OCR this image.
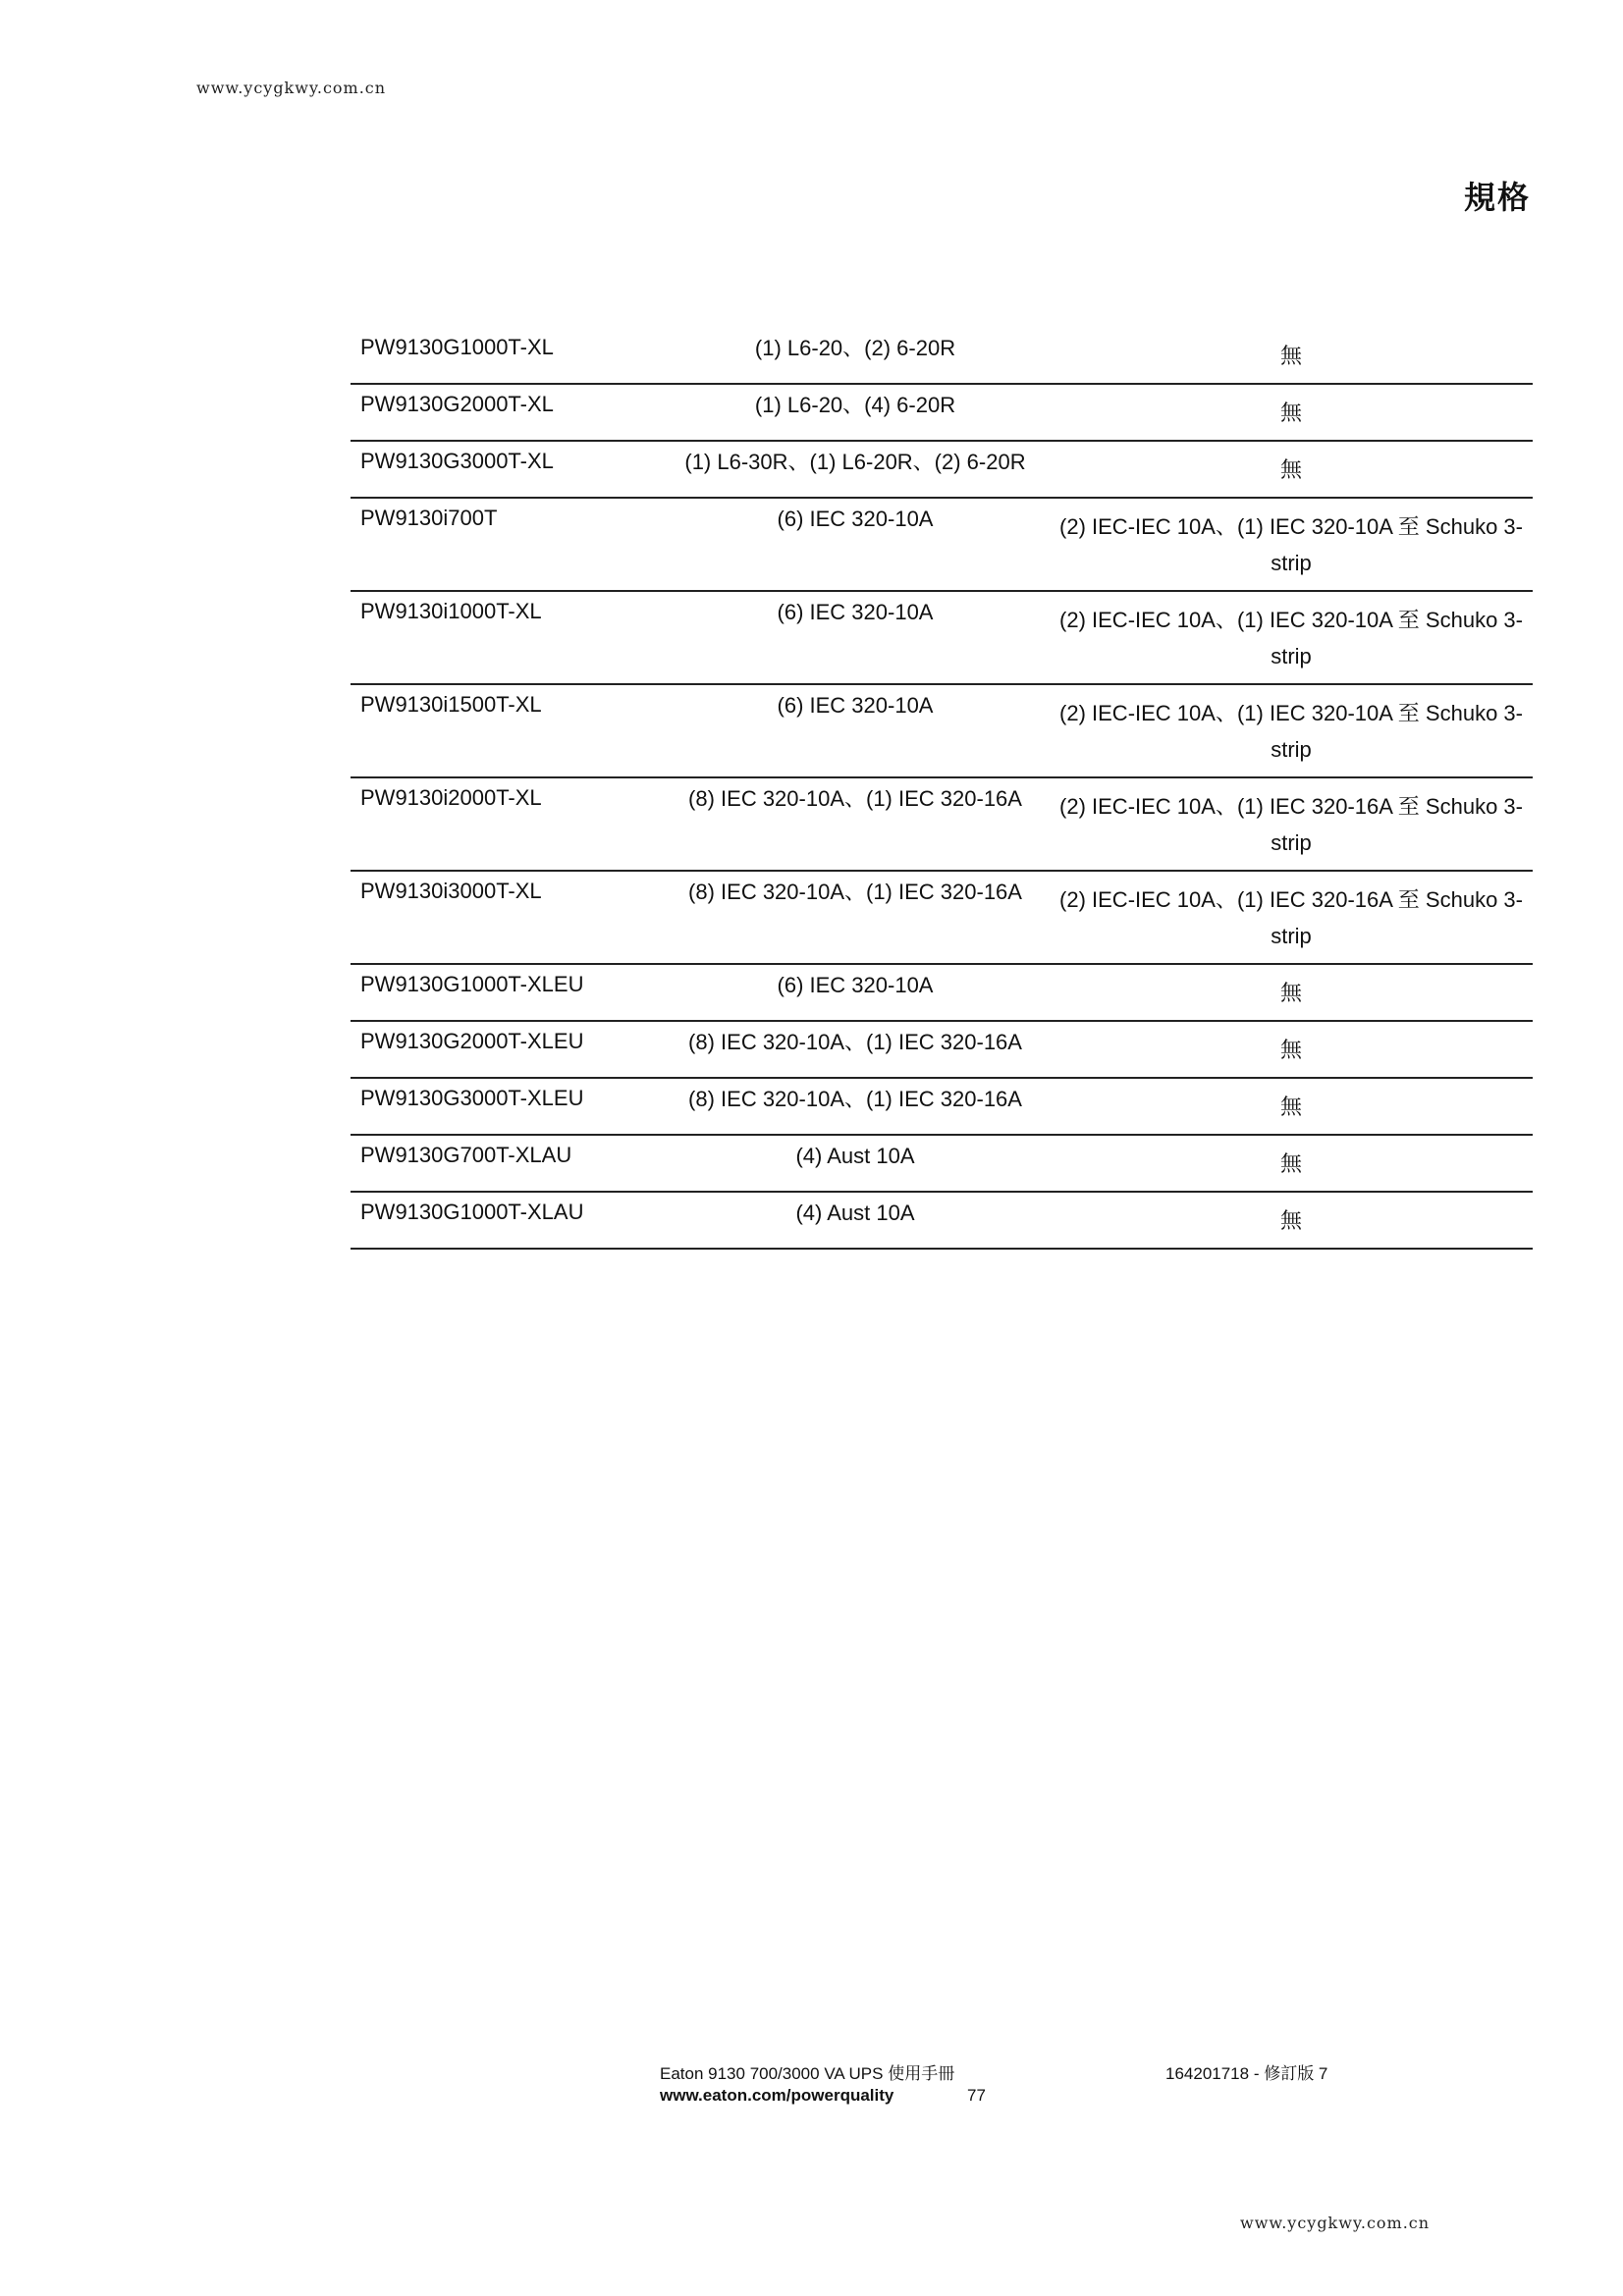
www.ycygkwy.com.cn
規格
PW9130G1000T-XL	(1) L6-20、(2) 6-20R	無
PW9130G2000T-XL	(1) L6-20、(4) 6-20R	無
PW9130G3000T-XL	(1) L6-30R、(1) L6-20R、(2) 6-20R	無
PW9130i700T	(6) IEC 320-10A	(2) IEC-IEC 10A、(1) IEC 320-10A 至 Schuko 3-strip
PW9130i1000T-XL	(6) IEC 320-10A	(2) IEC-IEC 10A、(1) IEC 320-10A 至 Schuko 3-strip
PW9130i1500T-XL	(6) IEC 320-10A	(2) IEC-IEC 10A、(1) IEC 320-10A 至 Schuko 3-strip
PW9130i2000T-XL	(8) IEC 320-10A、(1) IEC 320-16A	(2) IEC-IEC 10A、(1) IEC 320-16A 至 Schuko 3-strip
PW9130i3000T-XL	(8) IEC 320-10A、(1) IEC 320-16A	(2) IEC-IEC 10A、(1) IEC 320-16A 至 Schuko 3-strip
PW9130G1000T-XLEU	(6) IEC 320-10A	無
PW9130G2000T-XLEU	(8) IEC 320-10A、(1) IEC 320-16A	無
PW9130G3000T-XLEU	(8) IEC 320-10A、(1) IEC 320-16A	無
PW9130G700T-XLAU	(4) Aust 10A	無
PW9130G1000T-XLAU	(4) Aust 10A	無
Eaton 9130 700/3000 VA UPS 使用手冊	164201718 - 修訂版 7
www.eaton.com/powerquality	77
www.ycygkwy.com.cn
